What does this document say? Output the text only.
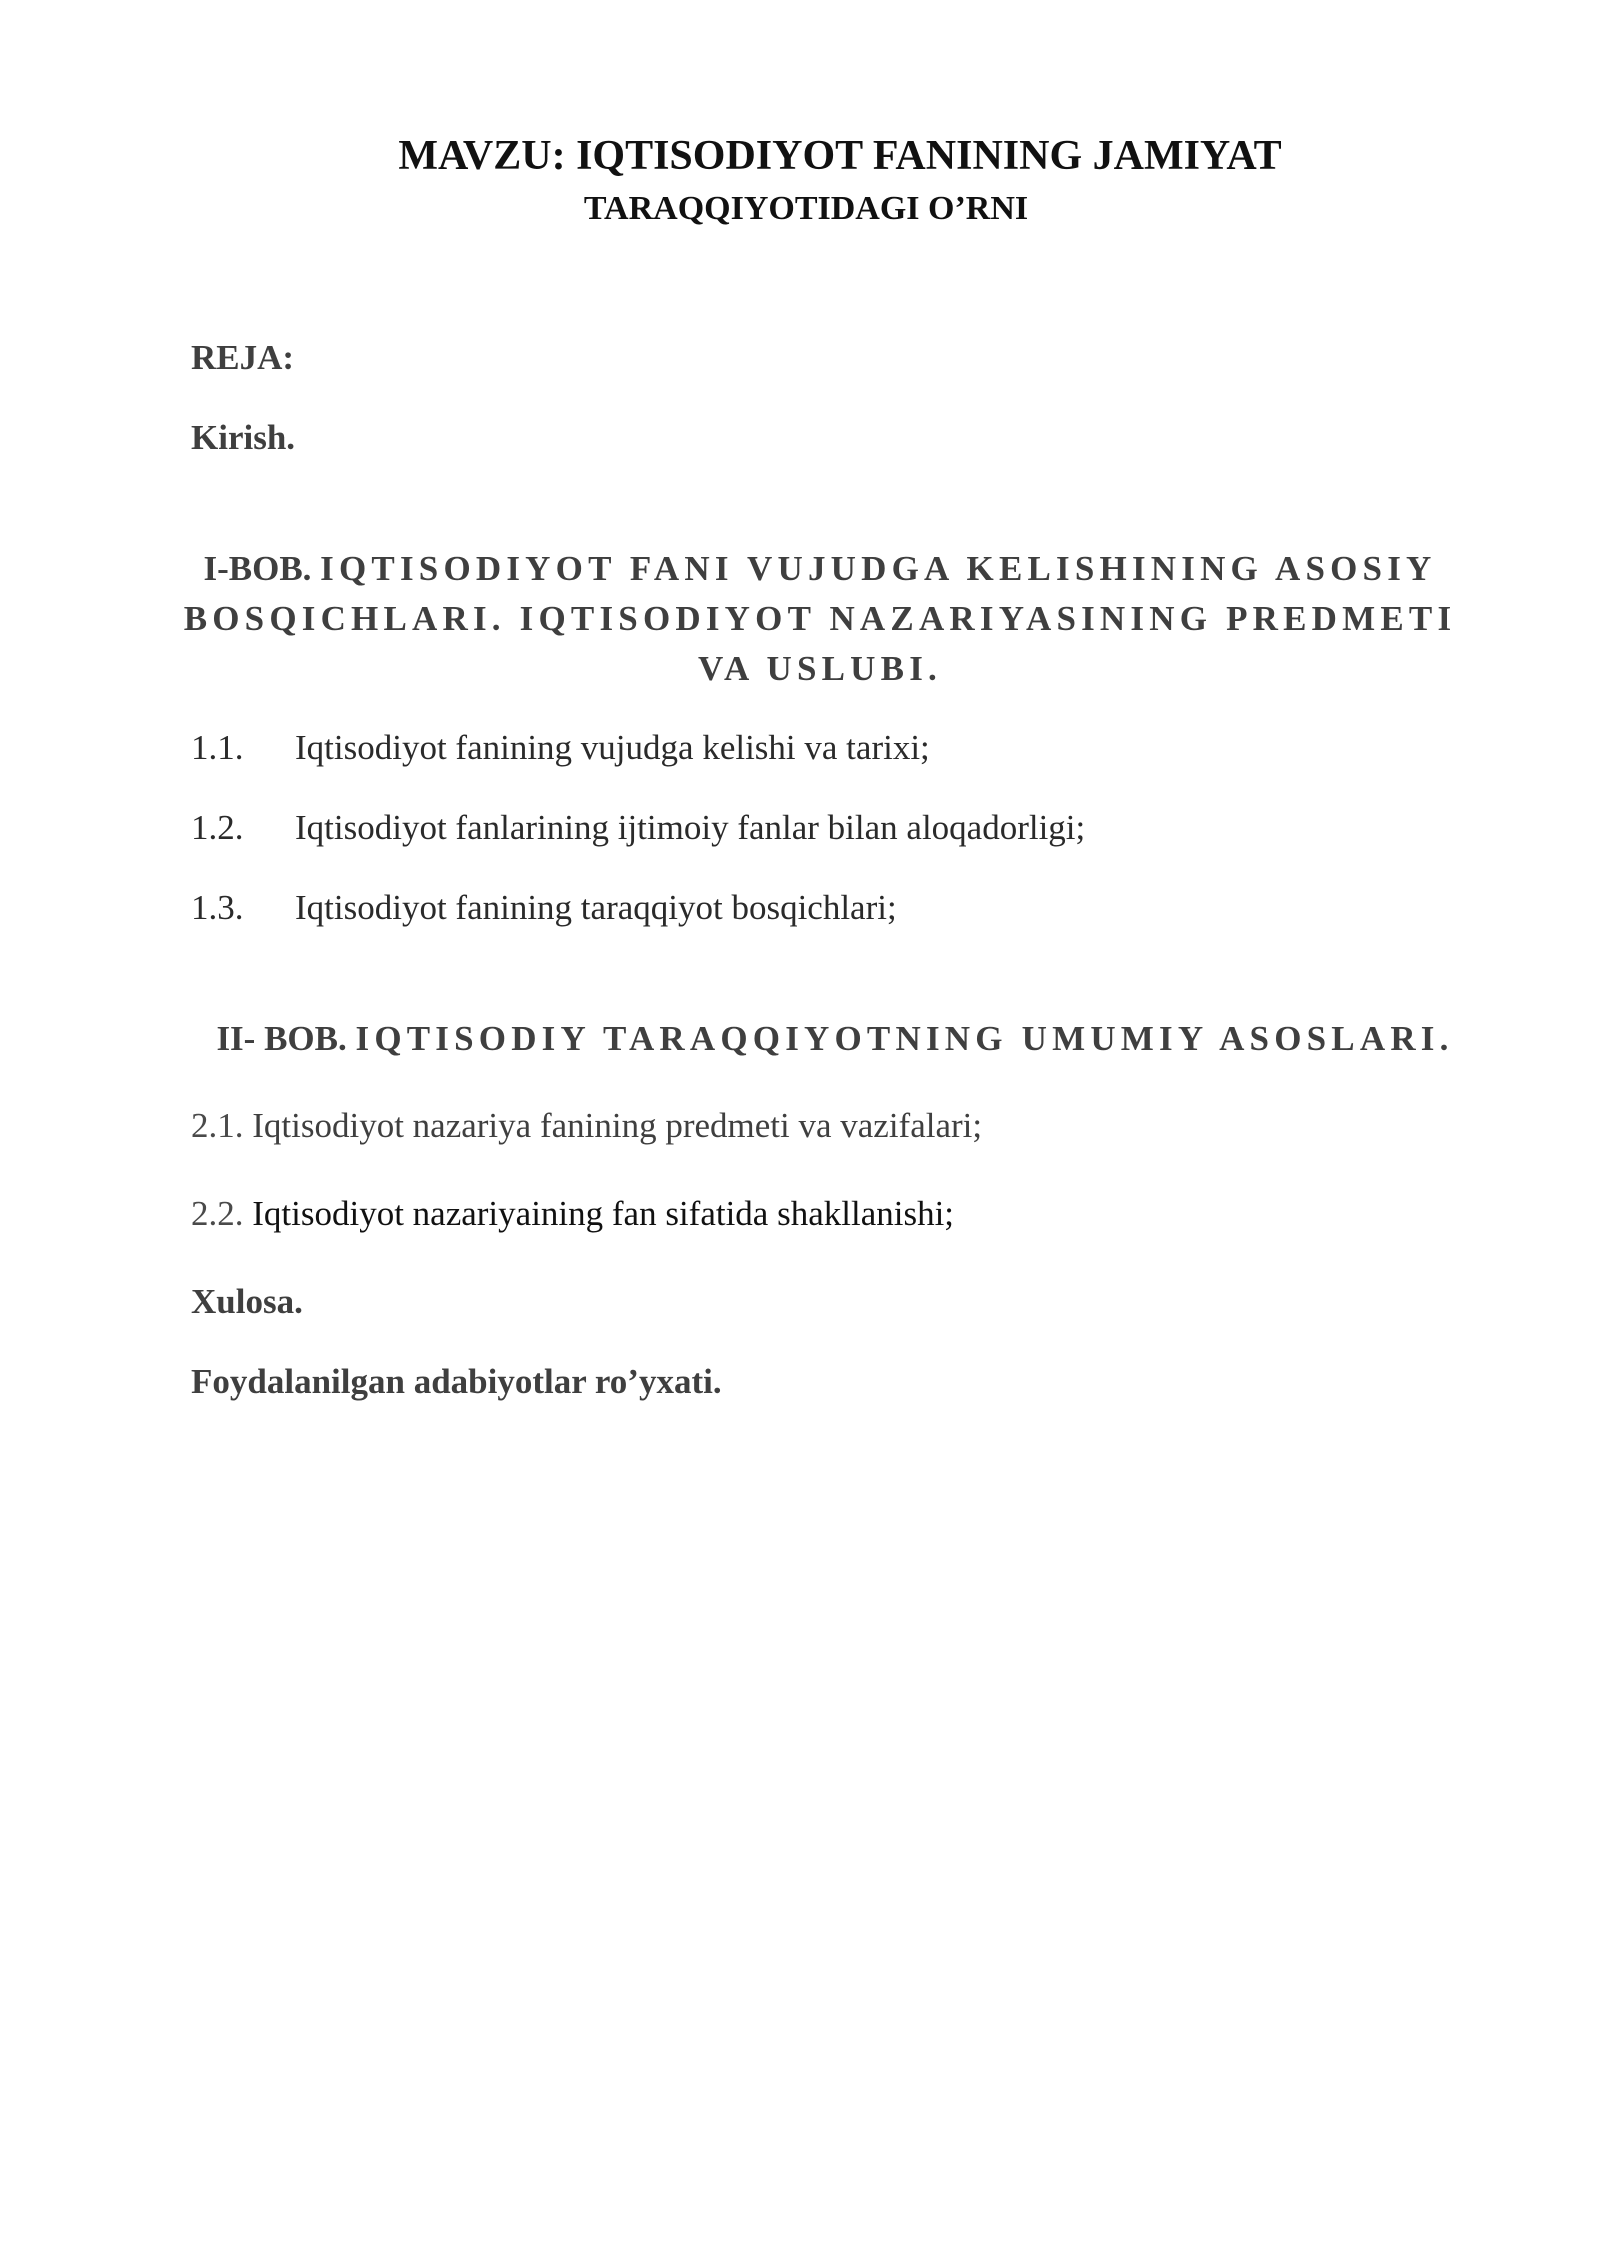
MAVZU: IQTISODIYOT FANINING JAMIYAT
TARAQQIYOTIDAGI O’RNI
REJA:
Kirish.
I-BOB. IQTISODIYOT FANI VUJUDGA KELISHINING ASOSIY
BOSQICHLARI. IQTISODIYOT NAZARIYASINING PREDMETI
VA USLUBI.
1.1. Iqtisodiyot fanining vujudga kelishi va tarixi;
1.2. Iqtisodiyot fanlarining ijtimoiy fanlar bilan aloqadorligi;
1.3. Iqtisodiyot fanining taraqqiyot bosqichlari;
II- BOB. IQTISODIY TARAQQIYOTNING UMUMIY ASOSLARI.
2.1. Iqtisodiyot nazariya fanining predmeti va vazifalari;
2.2. Iqtisodiyot nazariyaining fan sifatida shakllanishi;
Xulosa.
Foydalanilgan adabiyotlar ro’yxati.
